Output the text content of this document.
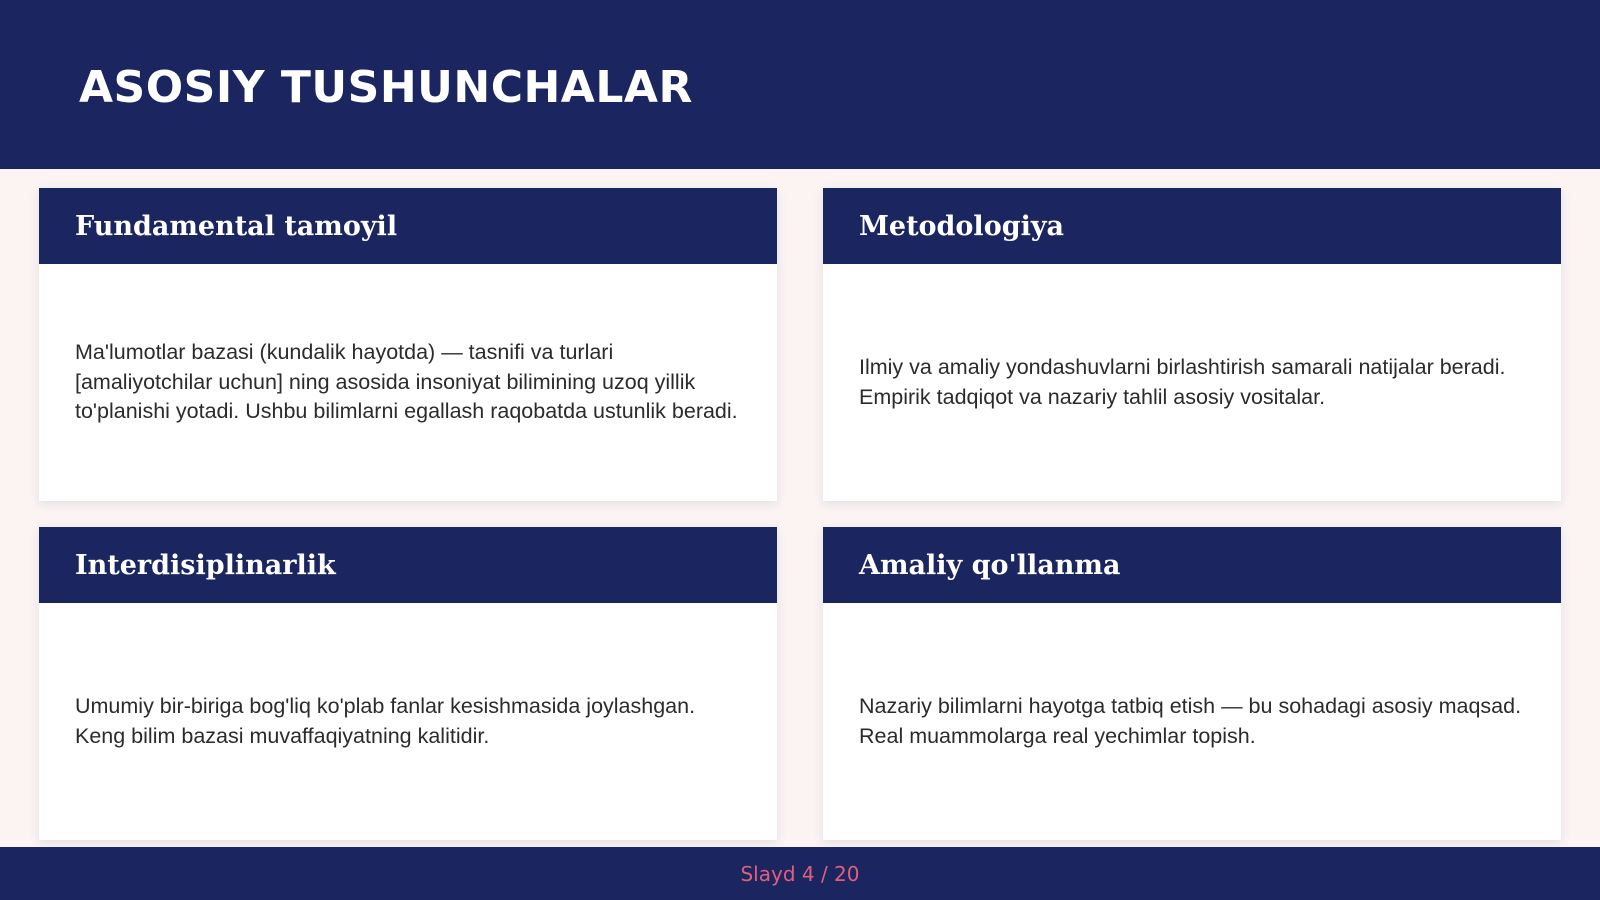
ASOSIY TUSHUNCHALAR
Fundamental tamoyil

Ma'lumotlar bazasi (kundalik hayotda) — tasnifi va turlari [amaliyotchilar uchun] ning asosida insoniyat bilimining uzoq yillik to'planishi yotadi. Ushbu bilimlarni egallash raqobatda ustunlik beradi.

Metodologiya

Ilmiy va amaliy yondashuvlarni birlashtirish samarali natijalar beradi. Empirik tadqiqot va nazariy tahlil asosiy vositalar.

Interdisiplinarlik

Umumiy bir-biriga bog'liq ko'plab fanlar kesishmasida joylashgan. Keng bilim bazasi muvaffaqiyatning kalitidir.

Amaliy qo'llanma

Nazariy bilimlarni hayotga tatbiq etish — bu sohadagi asosiy maqsad. Real muammolarga real yechimlar topish.

Slayd 4 / 20
